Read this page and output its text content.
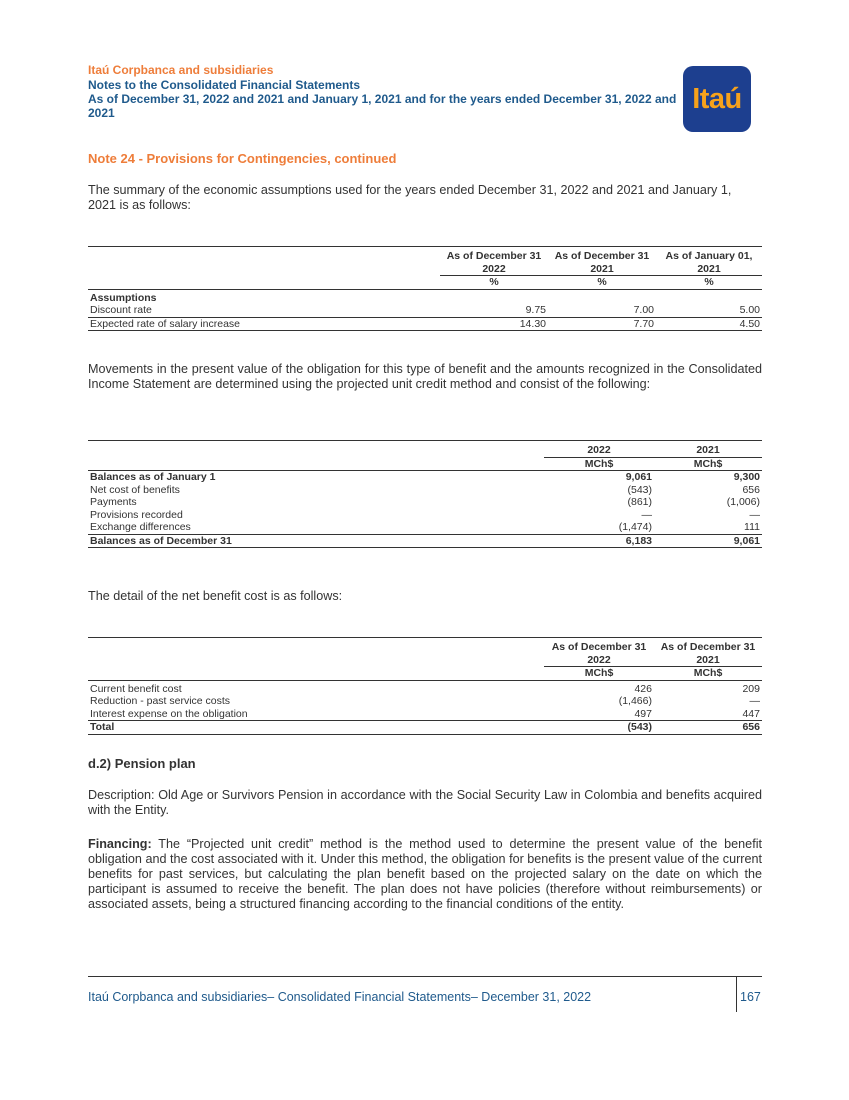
Itaú Corpbanca and subsidiaries
Notes to the Consolidated Financial Statements
As of December 31, 2022 and 2021 and January 1, 2021 and for the years ended December 31, 2022 and 2021	Itaú
Note 24 - Provisions for Contingencies, continued
The summary of the economic assumptions used for the years ended December 31, 2022 and 2021 and January 1, 2021 is as follows:
	As of December 31 2022	As of December 31 2021	As of January 01, 2021
	%	%	%
Assumptions			
Discount rate	9.75	7.00	5.00
Expected rate of salary increase	14.30	7.70	4.50
Movements in the present value of the obligation for this type of benefit and the amounts recognized in the Consolidated Income Statement are determined using the projected unit credit method and consist of the following:
	2022	2021
	MCh$	MCh$
Balances as of January 1	9,061	9,300
Net cost of benefits	(543)	656
Payments	(861)	(1,006)
Provisions recorded	—	—
Exchange differences	(1,474)	111
Balances as of December 31	6,183	9,061
The detail of the net benefit cost is as follows:
	As of December 31 2022	As of December 31 2021
	MCh$	MCh$
Current benefit cost	426	209
Reduction - past service costs	(1,466)	—
Interest expense on the obligation	497	447
Total	(543)	656
d.2) Pension plan
Description: Old Age or Survivors Pension in accordance with the Social Security Law in Colombia and benefits acquired with the Entity.
Financing: The “Projected unit credit” method is the method used to determine the present value of the benefit obligation and the cost associated with it. Under this method, the obligation for benefits is the present value of the current benefits for past services, but calculating the plan benefit based on the projected salary on the date on which the participant is assumed to receive the benefit. The plan does not have policies (therefore without reimbursements) or associated assets, being a structured financing according to the financial conditions of the entity.
Itaú Corpbanca and subsidiaries– Consolidated Financial Statements– December 31, 2022	167
